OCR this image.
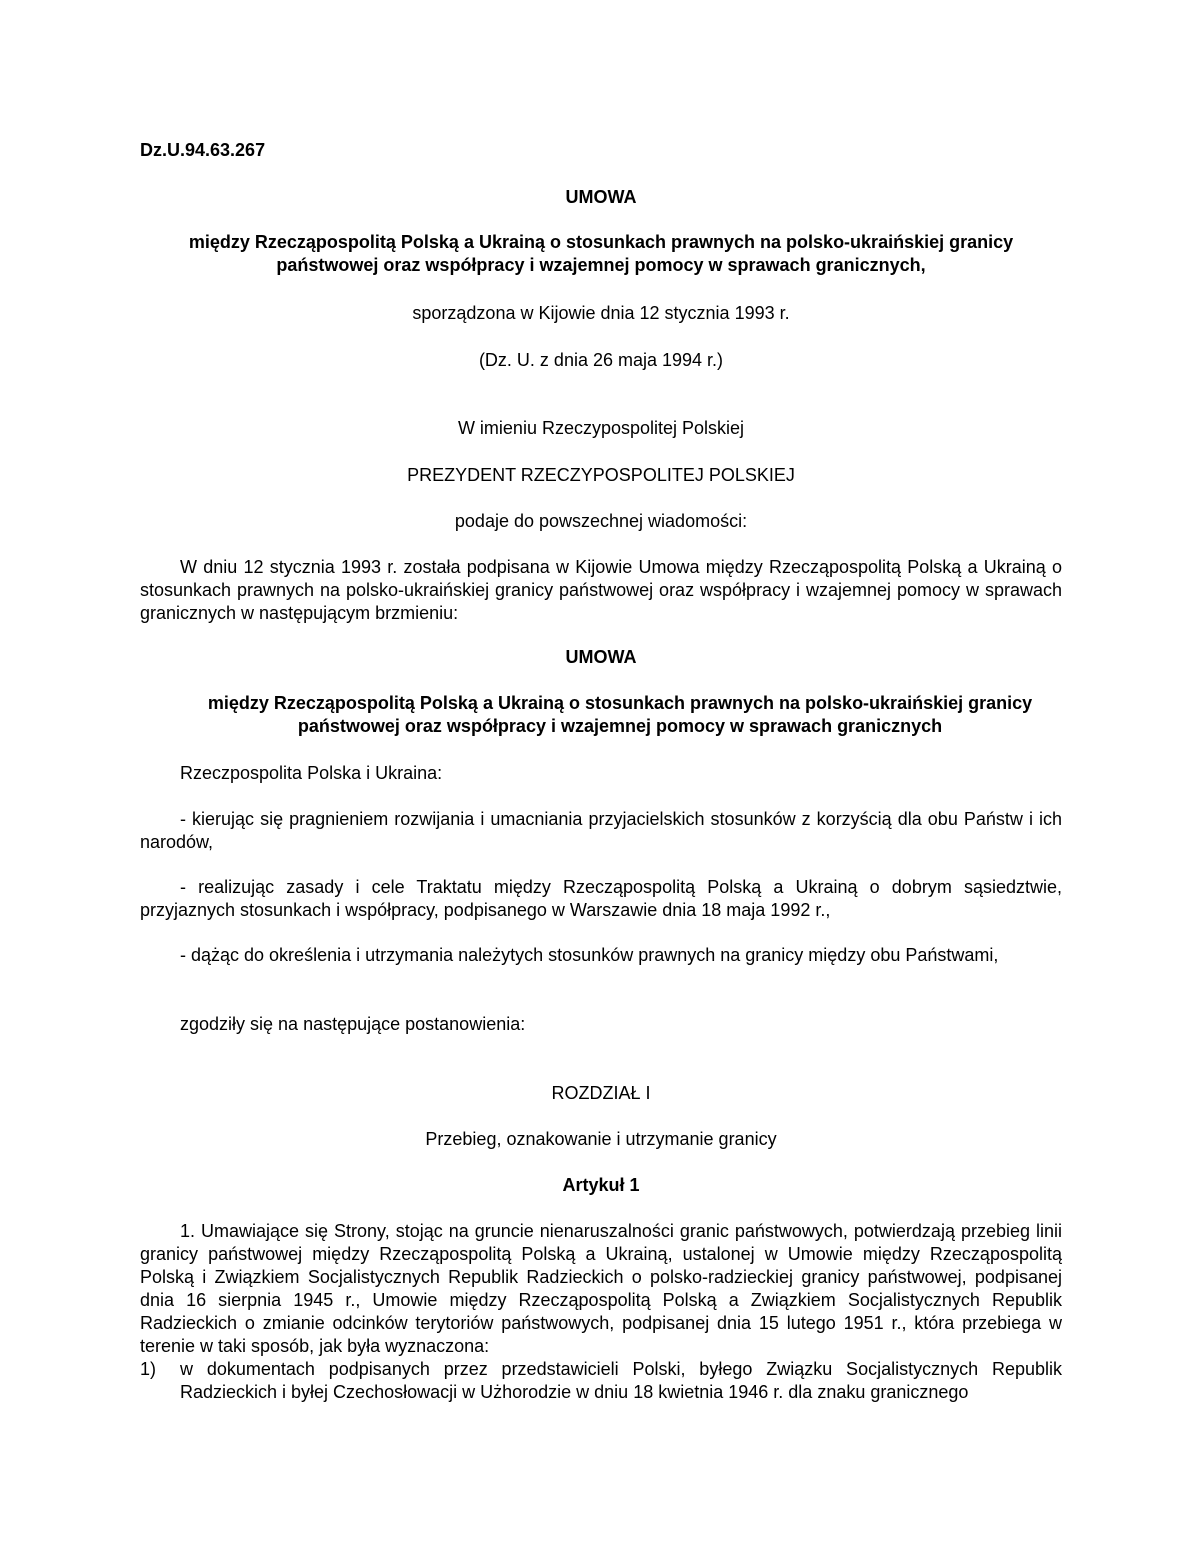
Dz.U.94.63.267

UMOWA

między Rzecząpospolitą Polską a Ukrainą o stosunkach prawnych na polsko-ukraińskiej granicy państwowej oraz współpracy i wzajemnej pomocy w sprawach granicznych,

sporządzona w Kijowie dnia 12 stycznia 1993 r.

(Dz. U. z dnia 26 maja 1994 r.)

W imieniu Rzeczypospolitej Polskiej

PREZYDENT RZECZYPOSPOLITEJ POLSKIEJ

podaje do powszechnej wiadomości:

W dniu 12 stycznia 1993 r. została podpisana w Kijowie Umowa między Rzecząpospolitą Polską a Ukrainą o stosunkach prawnych na polsko-ukraińskiej granicy państwowej oraz współpracy i wzajemnej pomocy w sprawach granicznych w następującym brzmieniu:

UMOWA

między Rzecząpospolitą Polską a Ukrainą o stosunkach prawnych na polsko-ukraińskiej granicy państwowej oraz współpracy i wzajemnej pomocy w sprawach granicznych

Rzeczpospolita Polska i Ukraina:

- kierując się pragnieniem rozwijania i umacniania przyjacielskich stosunków z korzyścią dla obu Państw i ich narodów,

- realizując zasady i cele Traktatu między Rzecząpospolitą Polską a Ukrainą o dobrym sąsiedztwie, przyjaznych stosunkach i współpracy, podpisanego w Warszawie dnia 18 maja 1992 r.,

- dążąc do określenia i utrzymania należytych stosunków prawnych na granicy między obu Państwami,

zgodziły się na następujące postanowienia:

ROZDZIAŁ I

Przebieg, oznakowanie i utrzymanie granicy

Artykuł 1

1. Umawiające się Strony, stojąc na gruncie nienaruszalności granic państwowych, potwierdzają przebieg linii granicy państwowej między Rzecząpospolitą Polską a Ukrainą, ustalonej w Umowie między Rzecząpospolitą Polską i Związkiem Socjalistycznych Republik Radzieckich o polsko-radzieckiej granicy państwowej, podpisanej dnia 16 sierpnia 1945 r., Umowie między Rzecząpospolitą Polską a Związkiem Socjalistycznych Republik Radzieckich o zmianie odcinków terytoriów państwowych, podpisanej dnia 15 lutego 1951 r., która przebiega w terenie w taki sposób, jak była wyznaczona:

1) w dokumentach podpisanych przez przedstawicieli Polski, byłego Związku Socjalistycznych Republik Radzieckich i byłej Czechosłowacji w Użhorodzie w dniu 18 kwietnia 1946 r. dla znaku granicznego
